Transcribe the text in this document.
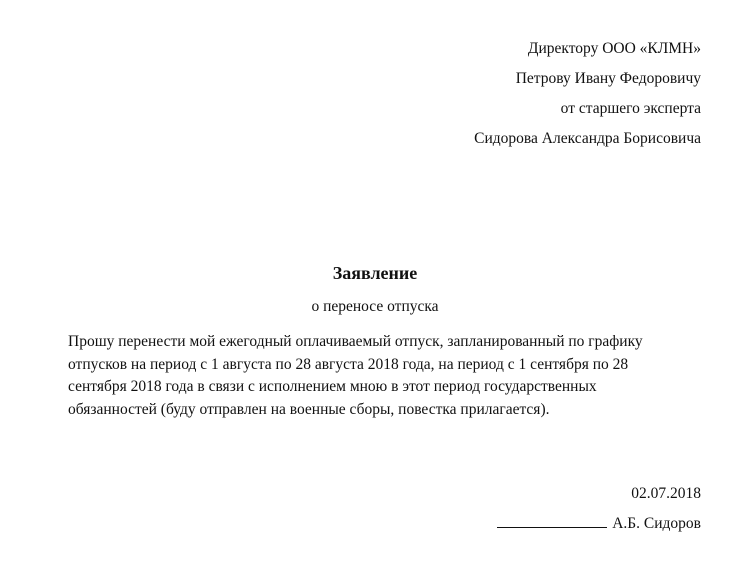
Директору ООО «КЛМН»
Петрову Ивану Федоровичу
от старшего эксперта
Сидорова Александра Борисовича
Заявление
о переносе отпуска
Прошу перенести мой ежегодный оплачиваемый отпуск, запланированный по графику
отпусков на период с 1 августа по 28 августа 2018 года, на период с 1 сентября по 28
сентября 2018 года в связи с исполнением мною в этот период государственных
обязанностей (буду отправлен на военные сборы, повестка прилагается).
02.07.2018
А.Б. Сидоров
